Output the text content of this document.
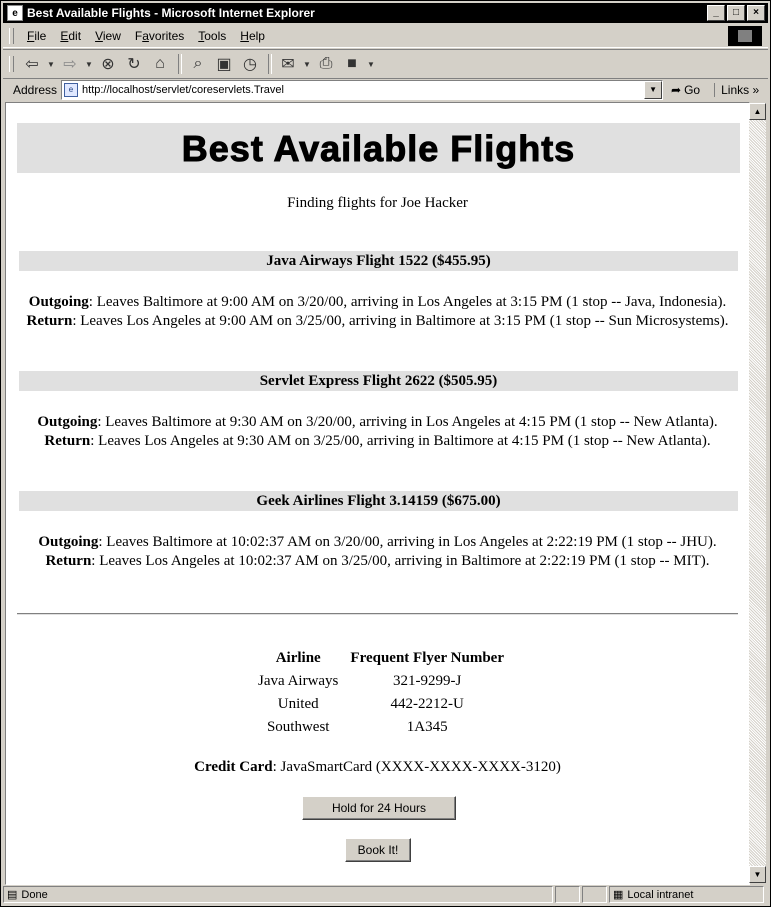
e Best Available Flights - Microsoft Internet Explorer	_	□	×
File	Edit	View	Favorites	Tools	Help
⇦	▼ ⇨	▼ ⊗ ↻ ⌂	⌕ ▣ ◷	✉	▼ ⎙ ■	▼
Address	e http://localhost/servlet/coreservlets.Travel	▼	➦ Go	Links »
Best Available Flights
Finding flights for Joe Hacker
Java Airways Flight 1522 ($455.95)
Outgoing: Leaves Baltimore at 9:00 AM on 3/20/00, arriving in Los Angeles at 3:15 PM (1 stop -- Java, Indonesia).
Return: Leaves Los Angeles at 9:00 AM on 3/25/00, arriving in Baltimore at 3:15 PM (1 stop -- Sun Microsystems).
Servlet Express Flight 2622 ($505.95)
Outgoing: Leaves Baltimore at 9:30 AM on 3/20/00, arriving in Los Angeles at 4:15 PM (1 stop -- New Atlanta).
Return: Leaves Los Angeles at 9:30 AM on 3/25/00, arriving in Baltimore at 4:15 PM (1 stop -- New Atlanta).
Geek Airlines Flight 3.14159 ($675.00)
Outgoing: Leaves Baltimore at 10:02:37 AM on 3/20/00, arriving in Los Angeles at 2:22:19 PM (1 stop -- JHU).
Return: Leaves Los Angeles at 10:02:37 AM on 3/25/00, arriving in Baltimore at 2:22:19 PM (1 stop -- MIT).
Airline	Frequent Flyer Number
Java Airways	321-9299-J
United	442-2212-U
Southwest	1A345
Credit Card: JavaSmartCard (XXXX-XXXX-XXXX-3120)
Hold for 24 Hours
Book It!
▲
▼
▤ Done	▦ Local intranet
